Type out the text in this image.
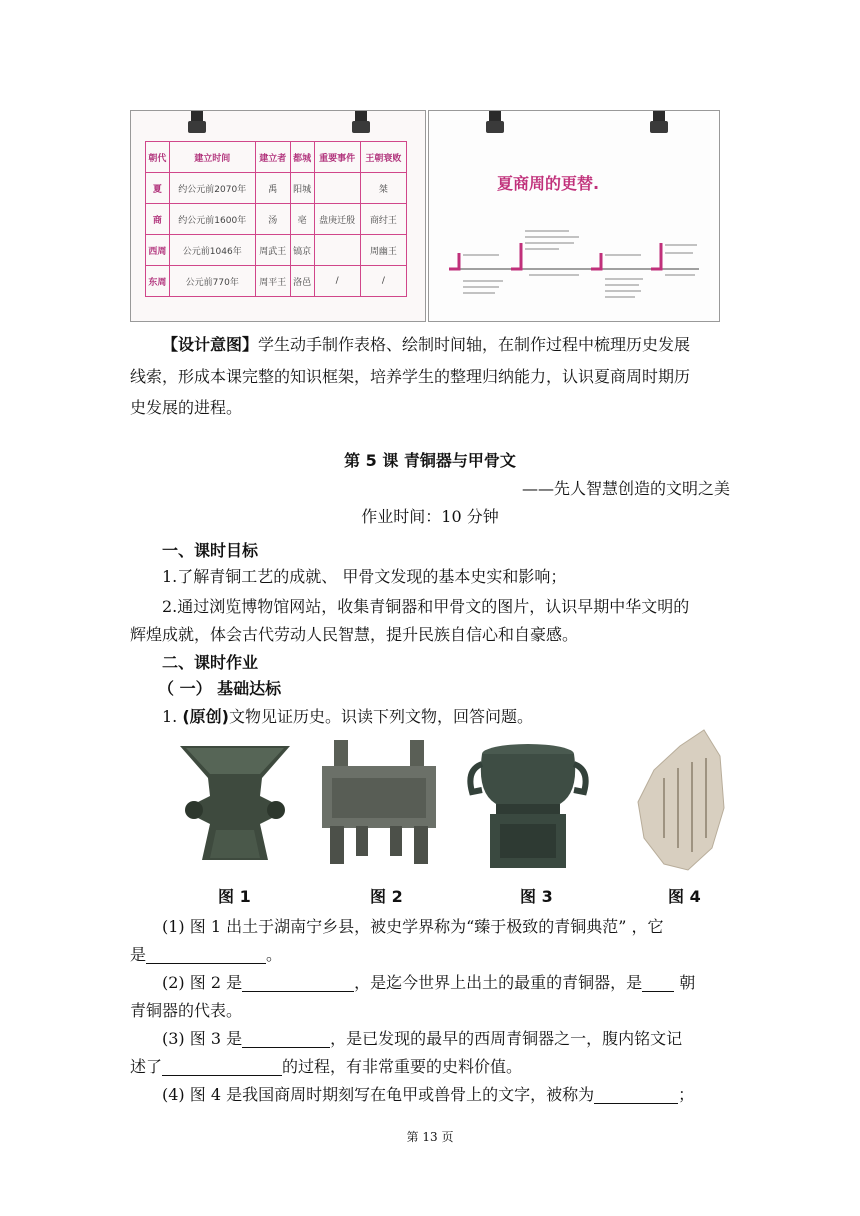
朝代	建立时间	建立者	都城	重要事件	王朝衰败
夏	约公元前2070年	禹	阳城		桀
商	约公元前1600年	汤	亳	盘庚迁殷	商纣王
西周	公元前1046年	周武王	镐京		周幽王
东周	公元前770年	周平王	洛邑	/	/
夏商周的更替.
【设计意图】学生动手制作表格、绘制时间轴，在制作过程中梳理历史发展
线索，形成本课完整的知识框架，培养学生的整理归纳能力，认识夏商周时期历
史发展的进程。
第 5 课 青铜器与甲骨文
——先人智慧创造的文明之美
作业时间：10 分钟
一、课时目标
1.了解青铜工艺的成就、 甲骨文发现的基本史实和影响；
2.通过浏览博物馆网站，收集青铜器和甲骨文的图片，认识早期中华文明的
辉煌成就，体会古代劳动人民智慧，提升民族自信心和自豪感。
二、课时作业
（ 一） 基础达标
1. (原创)文物见证历史。识读下列文物，回答问题。
图 1	图 2	图 3	图 4
(1) 图 1 出土于湖南宁乡县，被史学界称为“臻于极致的青铜典范” ，它
是	。
(2) 图 2 是	，是迄今世界上出土的最重的青铜器，是 朝
青铜器的代表。
(3) 图 3 是	，是已发现的最早的西周青铜器之一，腹内铭文记
述了	的过程，有非常重要的史料价值。
(4) 图 4 是我国商周时期刻写在龟甲或兽骨上的文字，被称为	；
第 13 页
